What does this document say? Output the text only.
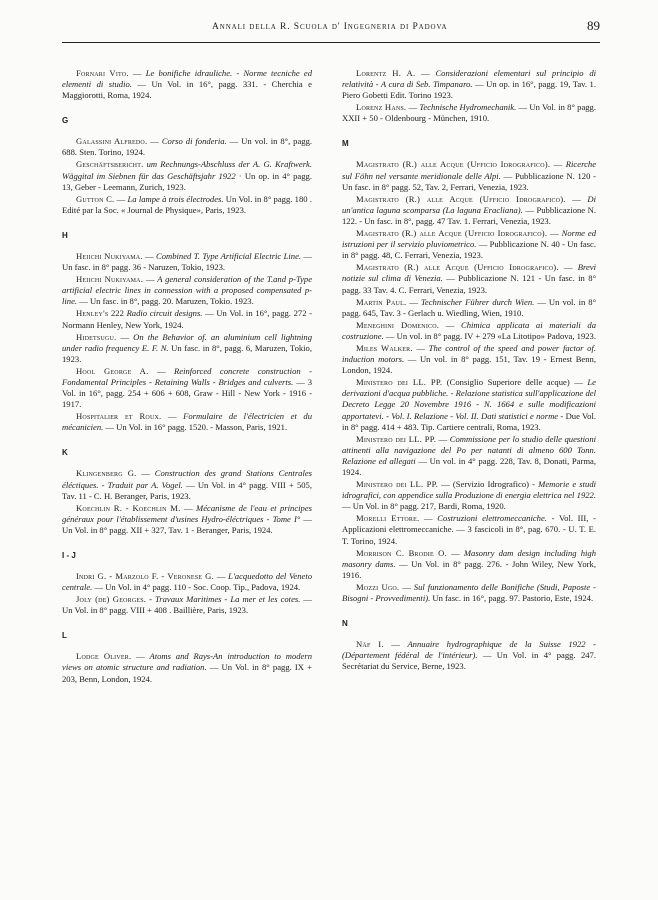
Annali della R. Scuola d' Ingegneria di Padova	89

Fornari Vito. — Le bonifiche idrauliche. - Norme tecniche ed elementi di studio. — Un Vol. in 16°, pagg. 331. - Cherchia e Maggiorotti, Roma, 1924.

G

Galassini Alfredo. — Corso di fonderia. — Un vol. in 8°, pagg. 688. Sten. Torino, 1924.

Geschäftsbericht. um Rechnungs-Abschluss der A. G. Kraftwerk. Wäggital im Siebnen für das Geschäftsjahr 1922 · Un op. in 4° pagg. 13, Geber - Leemann, Zurich, 1923.

Gutton C. — La lampe à trois électrodes. Un Vol. in 8° pagg. 180 . Edité par la Soc. « Journal de Physique», Paris, 1923.

H

Heiichi Nukiyama. — Combined T. Type Artificial Electric Line. — Un fasc. in 8° pagg. 36 - Naruzen, Tokio, 1923.

Heiichi Nukiyama. — A general consideration of the T.and p-Type artificial electric lines in connession with a proposed compensated p-line. — Un fasc. in 8°, pagg. 20. Maruzen, Tokio. 1923.

Henley's 222 Radio circuit designs. — Un Vol. in 16°, pagg. 272 - Normann Henley, New York, 1924.

Hidetsugu. — On the Behavior of. an aluminium cell lightning under radio frequency E. F. N. Un fasc. in 8°, pagg. 6, Maruzen, Tokio, 1923.

Hool George A. — Reinforced concrete construction - Fondamental Principles - Retaining Walls - Bridges and culverts. — 3 Vol. in 16°, pagg. 254 + 606 + 608, Graw - Hill - New York - 1916 - 1917.

Hospitalier et Roux. — Formulaire de l'électricien et du mécanicien. — Un Vol. in 16° pagg. 1520. - Masson, Paris, 1921.

K

Klingenberg G. — Construction des grand Stations Centrales éléctiques. - Traduit par A. Vogel. — Un Vol. in 4° pagg. VIII + 505, Tav. 11 - C. H. Beranger, Paris, 1923.

Koechlin R. - Koechlin M. — Mécanisme de l'eau et principes généraux pour l'établissement d'usines Hydro-éléctriques - Tome I° — Un Vol. in 8° pagg. XII + 327, Tav. 1 - Beranger, Paris, 1924.

I - J

Indri G. - Marzolo F. - Veronese G. — L'acquedotto del Veneto centrale. — Un Vol. in 4° pagg. 110 - Soc. Coop. Tip., Padova, 1924.

Joly (de) Georges. - Travaux Maritimes - La mer et les cotes. — Un Vol. in 8° pagg. VIII + 408 . Baillière, Paris, 1923.

L

Lodge Oliver. — Atoms and Rays-An introduction to modern views on atomic structure and radiation. — Un Vol. in 8° pagg. IX + 203, Benn, London, 1924.

Lorentz H. A. — Considerazioni elementari sul principio di relatività - A cura di Seb. Timpanaro. — Un op. in 16°, pagg. 19, Tav. 1. Piero Gobetti Edit. Torino 1923.

Lorenz Hans. — Technische Hydromechanik. — Un Vol. in 8° pagg. XXII + 50 - Oldenbourg - München, 1910.

M

Magistrato (R.) alle Acque (Ufficio Idrografico). — Ricerche sul Föhn nel versante meridionale delle Alpi. — Pubblicazione N. 120 - Un fasc. in 8° pagg. 52, Tav. 2, Ferrari, Venezia, 1923.

Magistrato (R.) alle Acque (Ufficio Idrografico). — Di un'antica laguna scomparsa (La laguna Eracliana). — Pubblicazione N. 122. - Un fasc. in 8°, pagg. 47 Tav. 1. Ferrari, Venezia, 1923.

Magistrato (R.) alle Acque (Ufficio Idrografico). — Norme ed istruzioni per il servizio pluviometrico. — Pubblicazione N. 40 - Un fasc. in 8° pagg. 48, C. Ferrari, Venezia, 1923.

Magistrato (R.) alle Acque (Ufficio Idrografico). — Brevi notizie sul clima di Venezia. — Pubblicazione N. 121 - Un fasc. in 8° pagg. 33 Tav. 4. C. Ferrari, Venezia, 1923.

Martin Paul. — Technischer Führer durch Wien. — Un vol. in 8° pagg. 645, Tav. 3 - Gerlach u. Wiedling, Wien, 1910.

Meneghini Domenico. — Chimica applicata ai materiali da costruzione. — Un vol. in 8° pagg. IV + 279 «La Litotipo» Padova, 1923.

Miles Walker. — The control of the speed and power factor of. induction motors. — Un vol. in 8° pagg. 151, Tav. 19 - Ernest Benn, London, 1924.

Ministero dei LL. PP. (Consiglio Superiore delle acque) — Le derivazioni d'acqua pubbliche. - Relazione statistica sull'applicazione del Decreto Legge 20 Novembre 1916 - N. 1664 e sulle modificazioni apportatevi. - Vol. I. Relazione - Vol. II. Dati statistici e norme - Due Vol. in 8° pagg. 414 + 483. Tip. Cartiere centrali, Roma, 1923.

Ministero dei LL. PP. — Commissione per lo studio delle questioni attinenti alla navigazione del Po per natanti di almeno 600 Tonn. Relazione ed allegati — Un vol. in 4° pagg. 228, Tav. 8, Donati, Parma, 1924.

Ministero dei LL. PP. — (Servizio Idrografico) - Memorie e studi idrografici, con appendice sulla Produzione di energia elettrica nel 1922. — Un Vol. in 8° pagg. 217, Bardi, Roma, 1920.

Morelli Ettore. — Costruzioni elettromeccaniche. - Vol. III, - Applicazioni elettromeccaniche. — 3 fascicoli in 8°, pag. 670. - U. T. E. T. Torino, 1924.

Morrison C. Brodie O. — Masonry dam design including high masonry dams. — Un Vol. in 8° pagg. 276. - John Wiley, New York, 1916.

Mozzi Ugo. — Sul funzionamento delle Bonifiche (Studi, Paposte - Bisogni - Provvedimenti). Un fasc. in 16°, pagg. 97. Pastorio, Este, 1924.

N

Näf I. — Annuaire hydrographique de la Suisse 1922 - (Département fédéral de l'intérieur). — Un Vol. in 4° pagg. 247. Secrétariat du Service, Berne, 1923.
